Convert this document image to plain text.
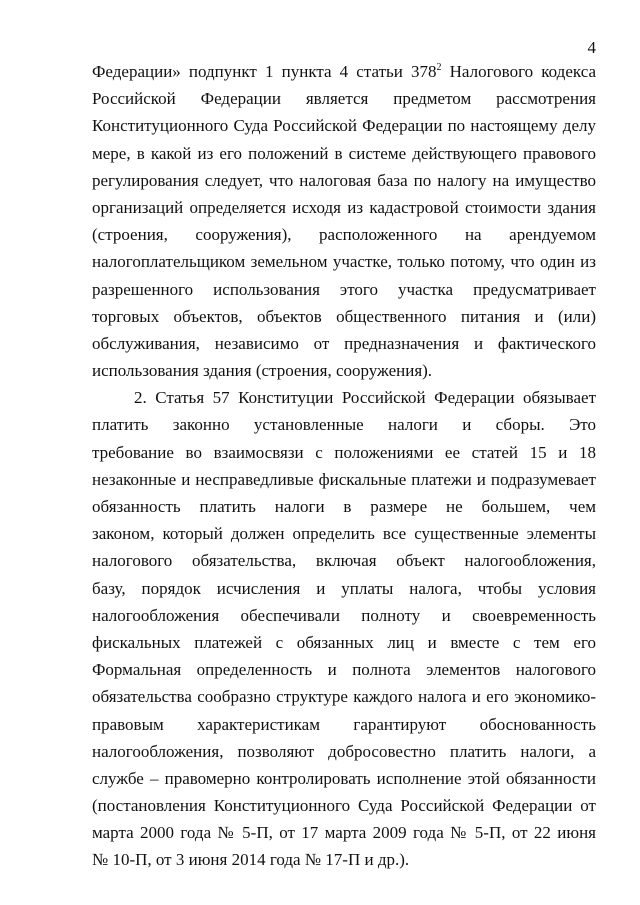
4
Федерации» подпункт 1 пункта 4 статьи $378^2$ Налогового кодекса
Российской Федерации является предметом рассмотрения
Конституционного Суда Российской Федерации по настоящему делу
мере, в какой из его положений в системе действующего правового
регулирования следует, что налоговая база по налогу на имущество
организаций определяется исходя из кадастровой стоимости здания
(строения, сооружения), расположенного на арендуемом
налогоплательщиком земельном участке, только потому, что один из
разрешенного использования этого участка предусматривает
торговых объектов, объектов общественного питания и (или)
обслуживания, независимо от предназначения и фактического
использования здания (строения, сооружения).
2. Статья 57 Конституции Российской Федерации обязывает
платить законно установленные налоги и сборы. Это
требование во взаимосвязи с положениями ее статей 15 и 18
незаконные и несправедливые фискальные платежи и подразумевает
обязанность платить налоги в размере не большем, чем
законом, который должен определить все существенные элементы
налогового обязательства, включая объект налогообложения,
базу, порядок исчисления и уплаты налога, чтобы условия
налогообложения обеспечивали полноту и своевременность
фискальных платежей с обязанных лиц и вместе с тем его
Формальная определенность и полнота элементов налогового
обязательства сообразно структуре каждого налога и его экономико-
правовым характеристикам гарантируют обоснованность
налогообложения, позволяют добросовестно платить налоги, а
службе – правомерно контролировать исполнение этой обязанности
(постановления Конституционного Суда Российской Федерации от
марта 2000 года № 5-П, от 17 марта 2009 года № 5-П, от 22 июня
№ 10-П, от 3 июня 2014 года № 17-П и др.).
